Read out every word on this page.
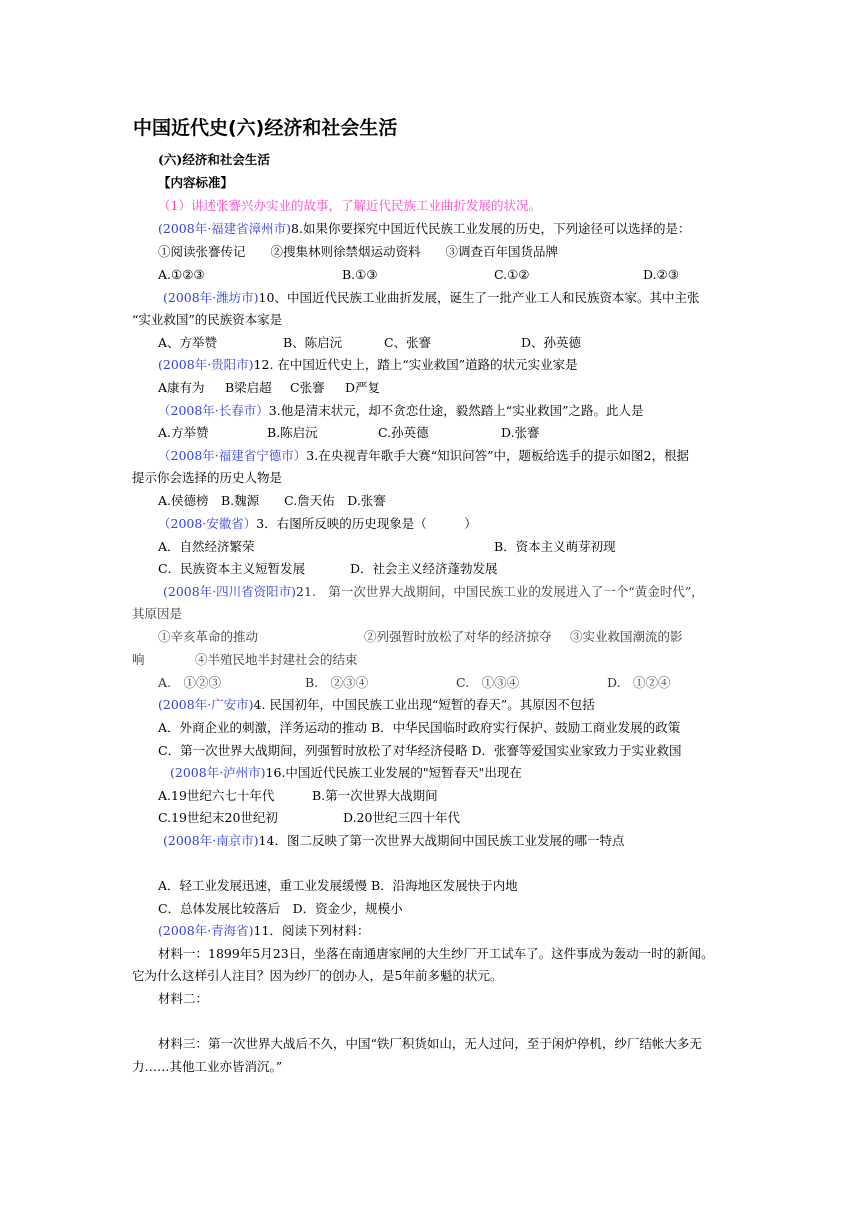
中国近代史(六)经济和社会生活
(六)经济和社会生活
【内容标准】
（1）讲述张謇兴办实业的故事，了解近代民族工业曲折发展的状况。
(2008年·福建省漳州市)8.如果你要探究中国近代民族工业发展的历史，下列途径可以选择的是：
①阅读张謇传记　　②搜集林则徐禁烟运动资料　　③调查百年国货品牌
A.①②③	B.①③	C.①②	D.②③
(2008年·潍坊市)10、中国近代民族工业曲折发展，诞生了一批产业工人和民族资本家。其中主张
“实业救国”的民族资本家是
A、方举赞	B、陈启沅	C、张謇	D、孙英德
(2008年·贵阳市)12. 在中国近代史上，踏上“实业救国”道路的状元实业家是
A康有为 B梁启超 C张謇 D严复
（2008年·长春市）3.他是清末状元，却不贪恋仕途，毅然踏上“实业救国”之路。此人是
A.方举赞	B.陈启沅	C.孙英德	D.张謇
（2008年·福建省宁德市）3.在央视青年歌手大赛“知识问答”中，题板给选手的提示如图2，根据
提示你会选择的历史人物是
A.侯德榜　B.魏源　　C.詹天佑　D.张謇
（2008·安徽省）3．右图所反映的历史现象是（　　　）
A．自然经济繁荣	B．资本主义萌芽初现
C．民族资本主义短暂发展	D．社会主义经济蓬勃发展
(2008年·四川省资阳市)21.　第一次世界大战期间，中国民族工业的发展进入了一个“黄金时代”，
其原因是
①辛亥革命的推动	②列强暂时放松了对华的经济掠夺 ③实业救国潮流的影
响	④半殖民地半封建社会的结束
A.　①②③	B.　②③④	C.　①③④	D.　①②④
(2008年·广安市)4. 民国初年，中国民族工业出现“短暂的春天”。其原因不包括
A．外商企业的刺激，洋务运动的推动 B．中华民国临时政府实行保护、鼓励工商业发展的政策
C．第一次世界大战期间，列强暂时放松了对华经济侵略 D．张謇等爱国实业家致力于实业救国
(2008年·泸州市)16.中国近代民族工业发展的"短暂春天"出现在
A.19世纪六七十年代	B.第一次世界大战期间
C.19世纪末20世纪初	D.20世纪三四十年代
(2008年·南京市)14．图二反映了第一次世界大战期间中国民族工业发展的哪一特点
A．轻工业发展迅速，重工业发展缓慢 B．沿海地区发展快于内地
C．总体发展比较落后　D．资金少，规模小
(2008年·青海省)11．阅读下列材料：
材料一：1899年5月23日，坐落在南通唐家闸的大生纱厂开工试车了。这件事成为轰动一时的新闻。
它为什么这样引人注目？因为纱厂的创办人，是5年前多魁的状元。
材料二：
材料三：第一次世界大战后不久，中国“铁厂积货如山，无人过问，至于闲炉停机，纱厂结帐大多无
力……其他工业亦皆消沉。”
